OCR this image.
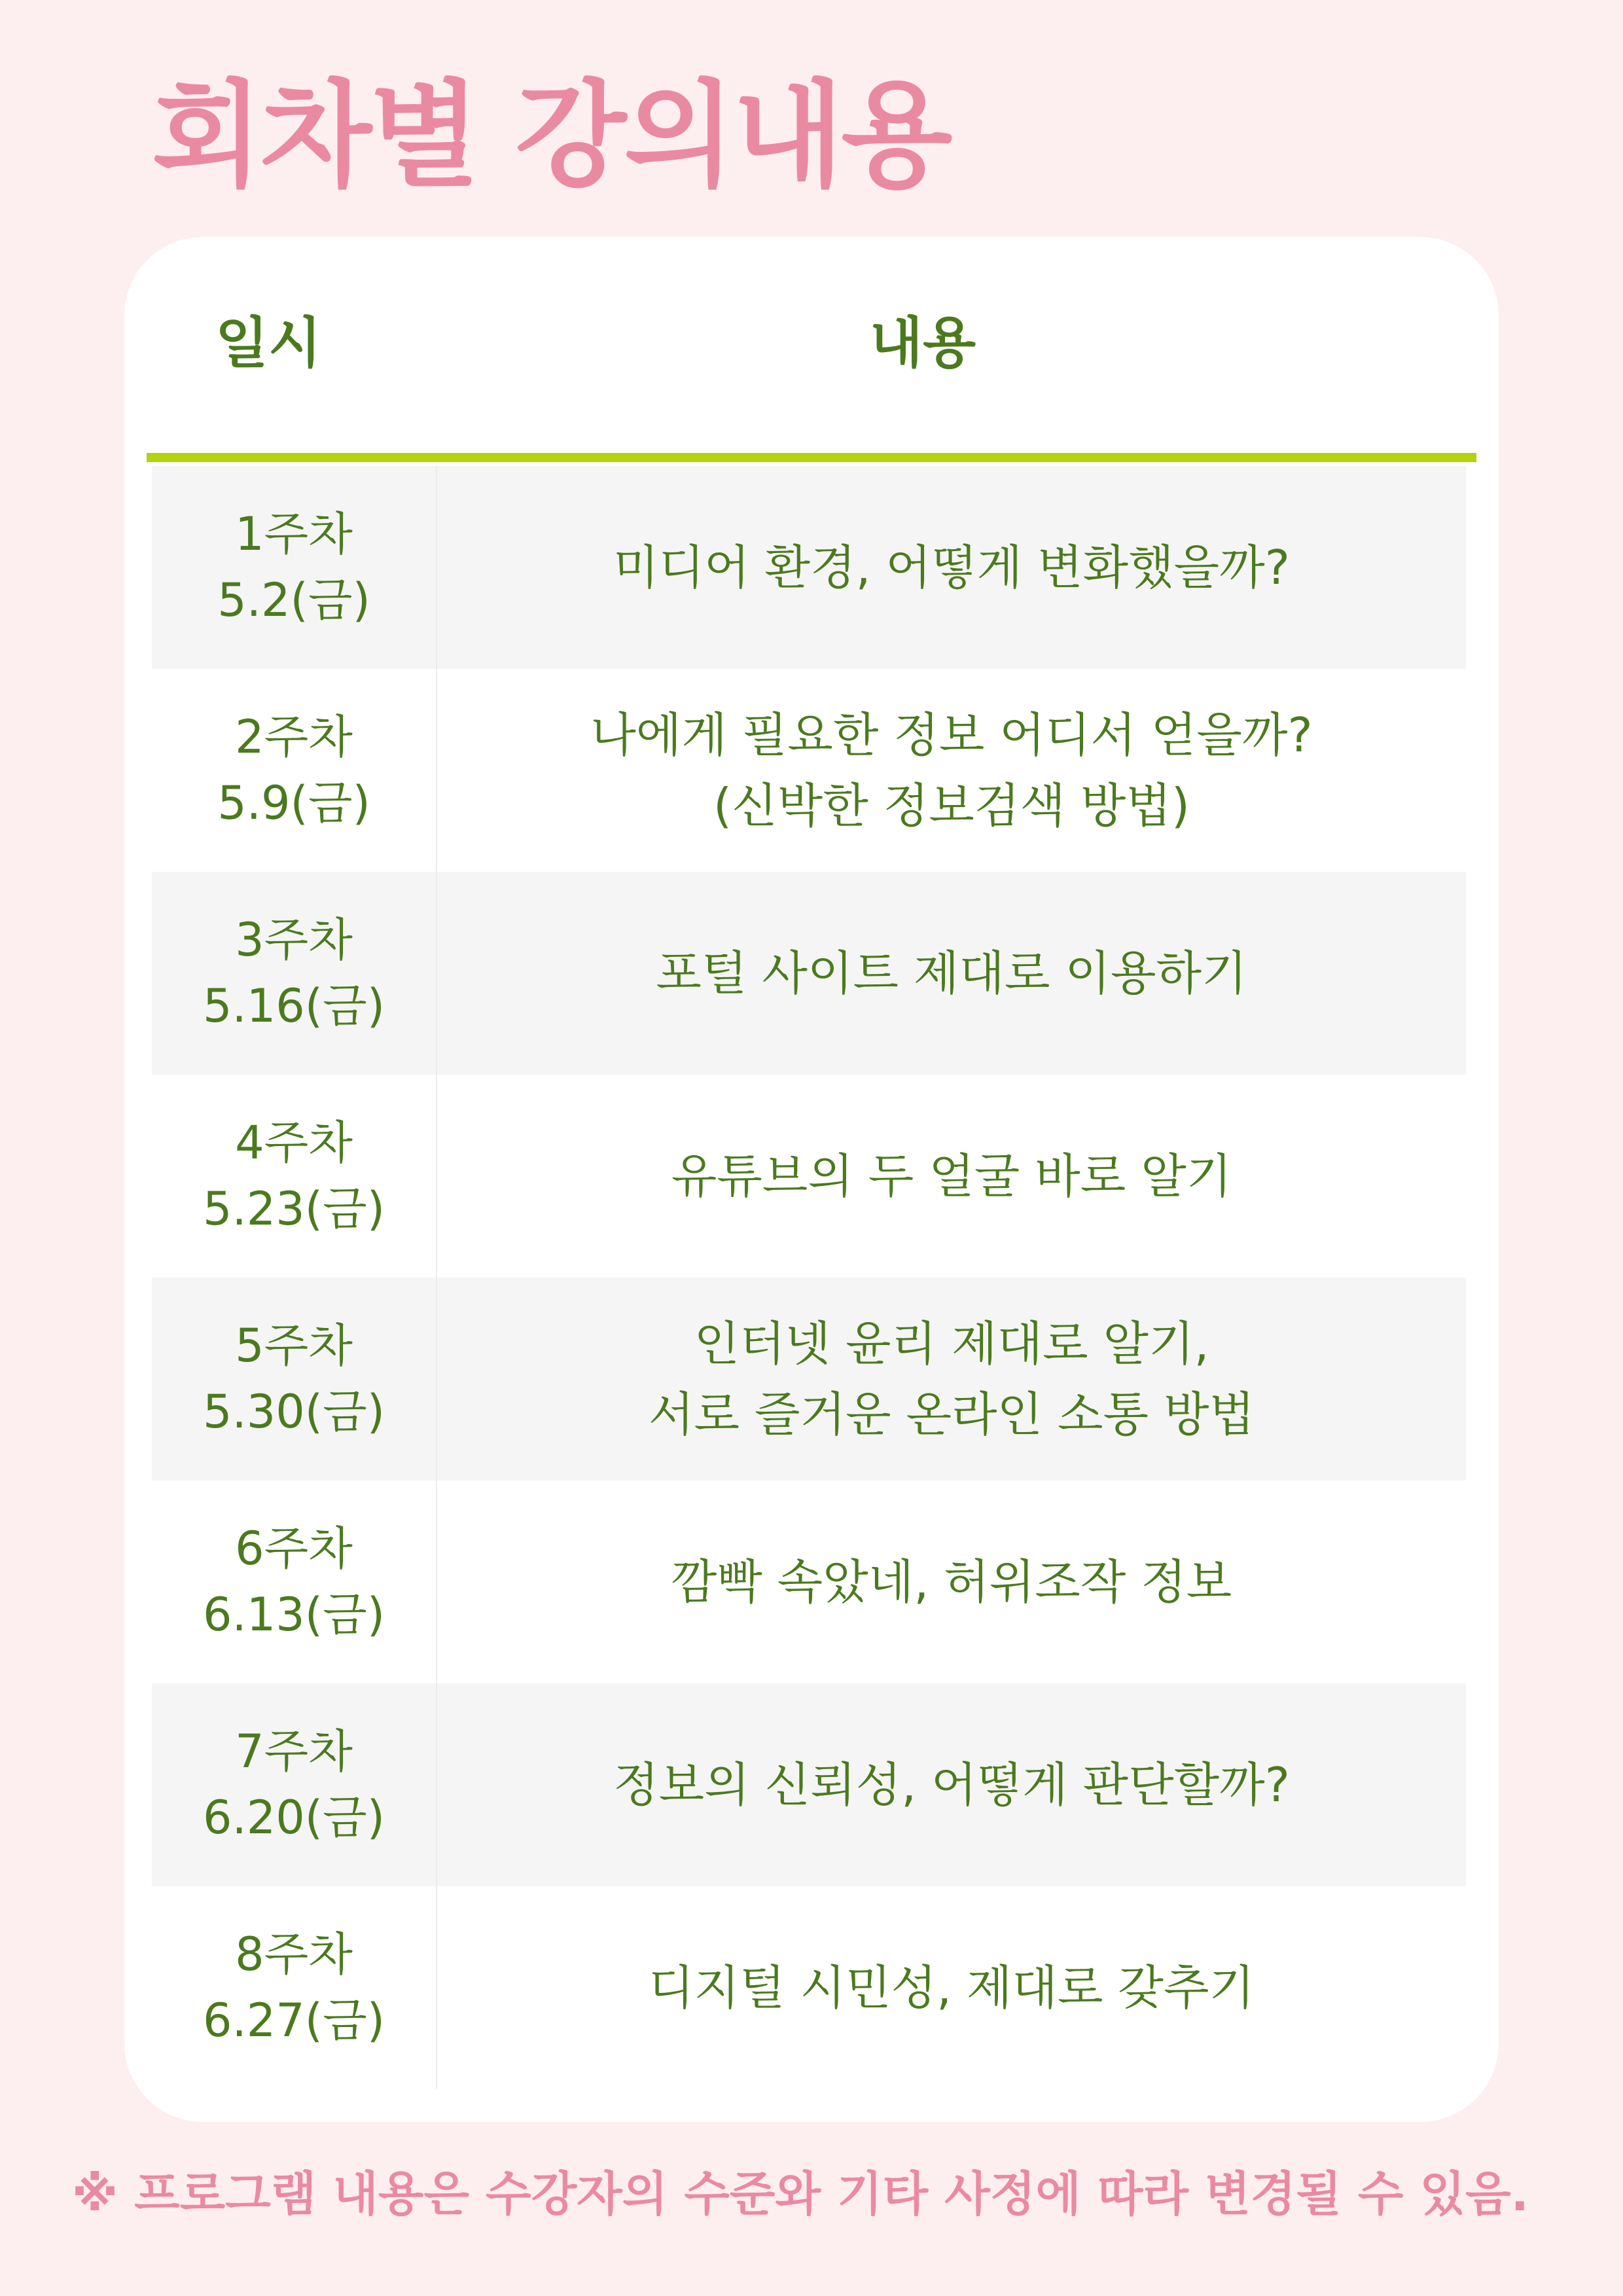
회차별 강의내용
일시	내용
1주차
5.2(금)
미디어 환경, 어떻게 변화했을까?
2주차
5.9(금)
나에게 필요한 정보 어디서 얻을까?
(신박한 정보검색 방법)
3주차
5.16(금)
포털 사이트 제대로 이용하기
4주차
5.23(금)
유튜브의 두 얼굴 바로 알기
5주차
5.30(금)
인터넷 윤리 제대로 알기,
서로 즐거운 온라인 소통 방법
6주차
6.13(금)
깜빡 속았네, 허위조작 정보
7주차
6.20(금)
정보의 신뢰성, 어떻게 판단할까?
8주차
6.27(금)
디지털 시민성, 제대로 갖추기
※ 프로그램 내용은 수강자의 수준와 기타 사정에 따라 변경될 수 있음.
